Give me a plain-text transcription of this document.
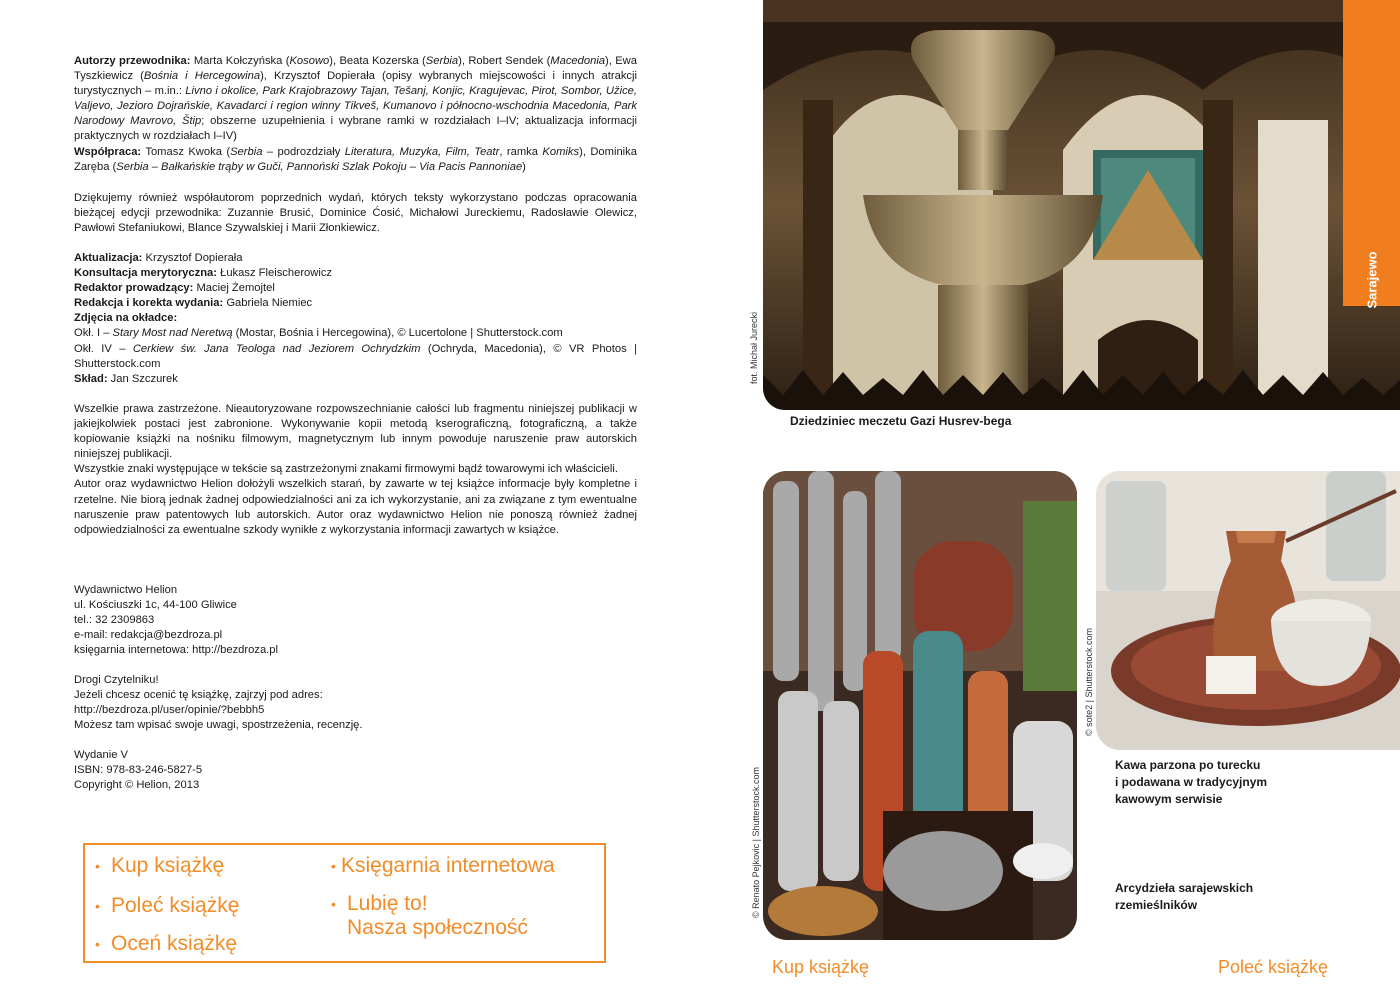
Autorzy przewodnika: Marta Kołczyńska (Kosowo), Beata Kozerska (Serbia), Robert Sendek (Macedonia), Ewa Tyszkiewicz (Bośnia i Hercegowina), Krzysztof Dopierała (opisy wybranych miejscowości i innych atrakcji turystycznych – m.in.: Livno i okolice, Park Krajobrazowy Tajan, Tešanj, Konjic, Kragujevac, Pirot, Sombor, Užice, Valjevo, Jezioro Dojrańskie, Kavadarci i region winny Tikveš, Kumanovo i północno-wschodnia Macedonia, Park Narodowy Mavrovo, Štip; obszerne uzupełnienia i wybrane ramki w rozdziałach I–IV; aktualizacja informacji praktycznych w rozdziałach I–IV)

Współpraca: Tomasz Kwoka (Serbia – podrozdziały Literatura, Muzyka, Film, Teatr, ramka Komiks), Dominika Zaręba (Serbia – Bałkańskie trąby w Guči, Pannoński Szlak Pokoju – Via Pacis Pannoniae)

Dziękujemy również współautorom poprzednich wydań, których teksty wykorzystano podczas opracowania bieżącej edycji przewodnika: Zuzannie Brusić, Dominice Ćosić, Michałowi Jureckiemu, Radosławie Olewicz, Pawłowi Stefaniukowi, Blance Szywalskiej i Marii Złonkiewicz.

Aktualizacja: Krzysztof Dopierała

Konsultacja merytoryczna: Łukasz Fleischerowicz

Redaktor prowadzący: Maciej Żemojtel

Redakcja i korekta wydania: Gabriela Niemiec

Zdjęcia na okładce:

Okł. I – Stary Most nad Neretwą (Mostar, Bośnia i Hercegowina), © Lucertolone | Shutterstock.com

Okł. IV – Cerkiew św. Jana Teologa nad Jeziorem Ochrydzkim (Ochryda, Macedonia), © VR Photos | Shutterstock.com

Skład: Jan Szczurek

Wszelkie prawa zastrzeżone. Nieautoryzowane rozpowszechnianie całości lub fragmentu niniejszej publikacji w jakiejkolwiek postaci jest zabronione. Wykonywanie kopii metodą kserograficzną, fotograficzną, a także kopiowanie książki na nośniku filmowym, magnetycznym lub innym powoduje naruszenie praw autorskich niniejszej publikacji.

Wszystkie znaki występujące w tekście są zastrzeżonymi znakami firmowymi bądź towarowymi ich właścicieli.

Autor oraz wydawnictwo Helion dołożyli wszelkich starań, by zawarte w tej książce informacje były kompletne i rzetelne. Nie biorą jednak żadnej odpowiedzialności ani za ich wykorzystanie, ani za związane z tym ewentualne naruszenie praw patentowych lub autorskich. Autor oraz wydawnictwo Helion nie ponoszą również żadnej odpowiedzialności za ewentualne szkody wynikłe z wykorzystania informacji zawartych w książce.

Wydawnictwo Helion

ul. Kościuszki 1c, 44-100 Gliwice

tel.: 32 2309863

e-mail: redakcja@bezdroza.pl

księgarnia internetowa: http://bezdroza.pl

Drogi Czytelniku!

Jeżeli chcesz ocenić tę książkę, zajrzyj pod adres:

http://bezdroza.pl/user/opinie/?bebbh5

Możesz tam wpisać swoje uwagi, spostrzeżenia, recenzję.

Wydanie V

ISBN: 978-83-246-5827-5

Copyright © Helion, 2013

• Kup książkę
• Poleć książkę
• Oceń książkę
• Księgarnia internetowa
• Lubię to!
Nasza społeczność
Sarajewo
fot. Michał Jurecki
Dziedziniec meczetu Gazi Husrev-bega
© Renato Pejkovic | Shutterstock.com
© sote2 | Shutterstock.com
Kawa parzona po turecku
i podawana w tradycyjnym
kawowym serwisie
Arcydzieła sarajewskich
rzemieślników
Kup książkę	Poleć książkę
